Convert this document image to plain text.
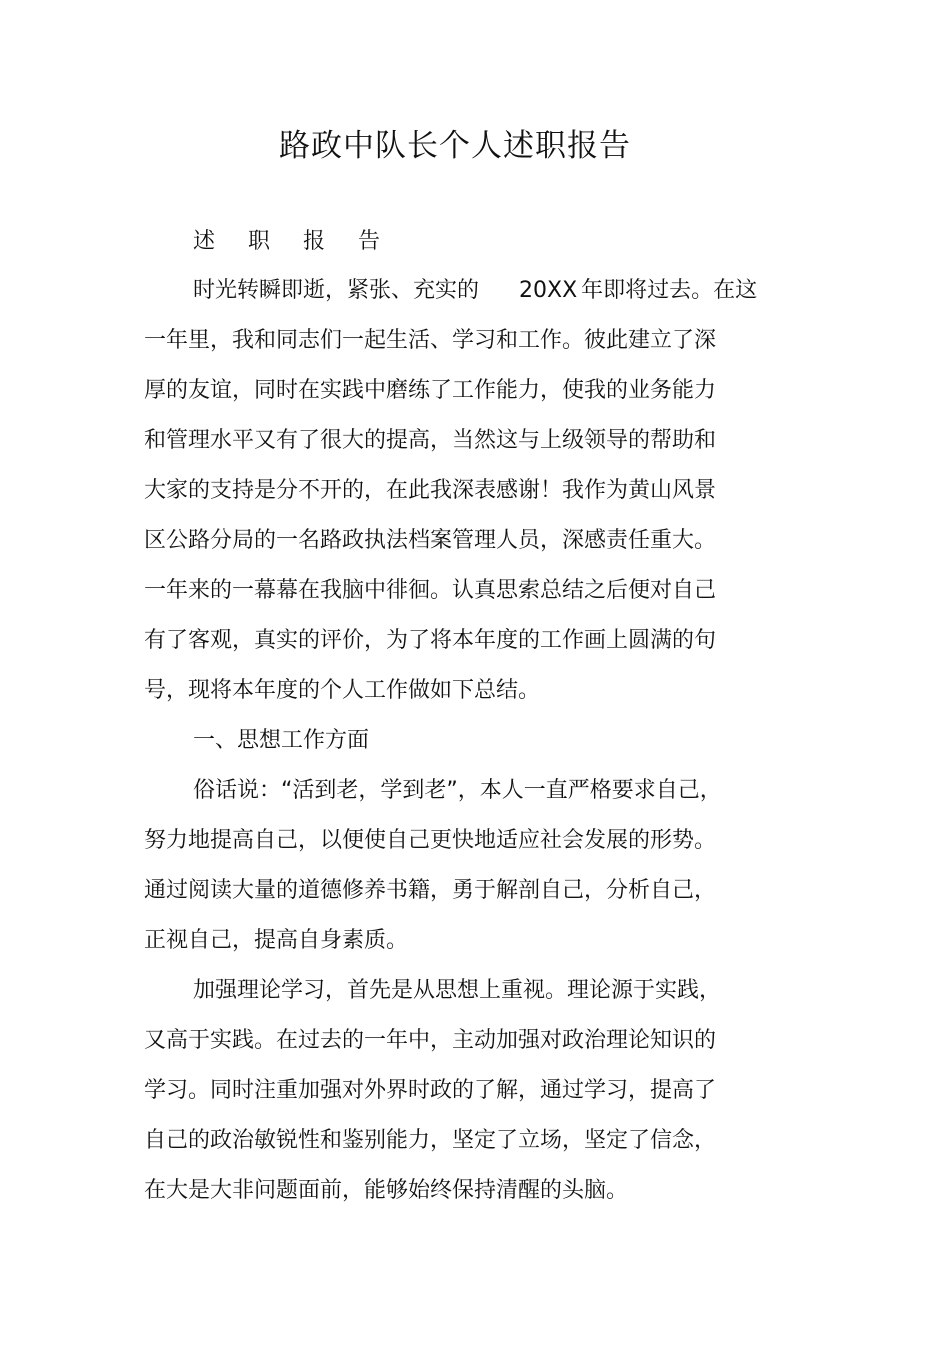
路政中队长个人述职报告
述 职 报 告
时光转瞬即逝，紧张、充实的 20XX 年即将过去。在这
一年里，我和同志们一起生活、学习和工作。彼此建立了深
厚的友谊，同时在实践中磨练了工作能力，使我的业务能力
和管理水平又有了很大的提高，当然这与上级领导的帮助和
大家的支持是分不开的，在此我深表感谢！我作为黄山风景
区公路分局的一名路政执法档案管理人员，深感责任重大。
一年来的一幕幕在我脑中徘徊。认真思索总结之后便对自己
有了客观，真实的评价，为了将本年度的工作画上圆满的句
号，现将本年度的个人工作做如下总结。
一、思想工作方面
俗话说：“活到老，学到老”，本人一直严格要求自己，
努力地提高自己，以便使自己更快地适应社会发展的形势。
通过阅读大量的道德修养书籍，勇于解剖自己，分析自己，
正视自己，提高自身素质。
加强理论学习，首先是从思想上重视。理论源于实践，
又高于实践。在过去的一年中，主动加强对政治理论知识的
学习。同时注重加强对外界时政的了解，通过学习，提高了
自己的政治敏锐性和鉴别能力，坚定了立场，坚定了信念，
在大是大非问题面前，能够始终保持清醒的头脑。
